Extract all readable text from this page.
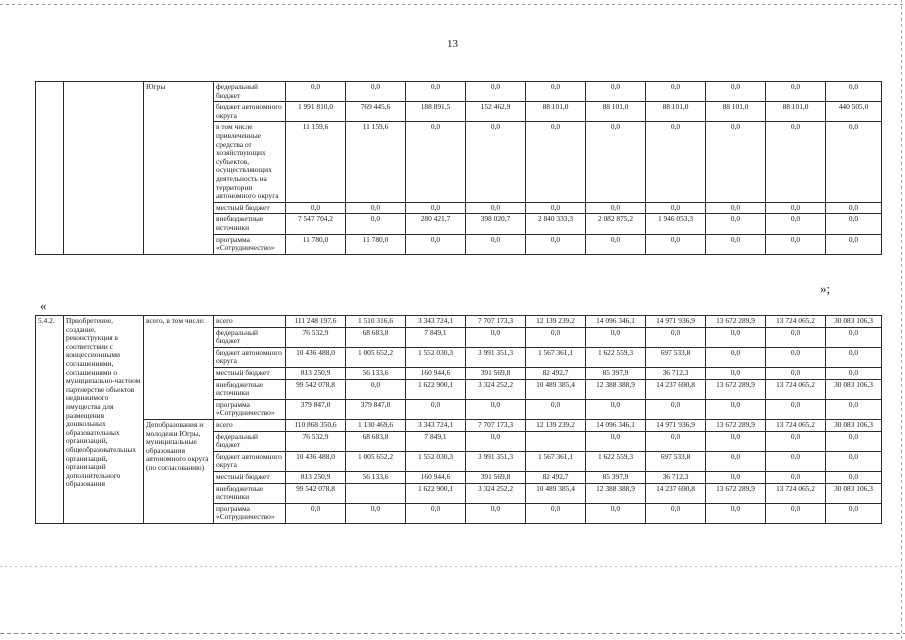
13
		Югры	федеральный бюджет	0,0	0,0	0,0	0,0	0,0	0,0	0,0	0,0	0,0	0,0
			бюджет автономного округа	1 991 810,0	769 445,6	188 891,5	152 462,9	88 101,0	88 101,0	88 101,0	88 101,0	88 101,0	440 505,0
			в том числе привлеченные средства от хозяйствующих субъектов, осуществляющих деятельность на территории автономного округа	11 159,6	11 159,6	0,0	0,0	0,0	0,0	0,0	0,0	0,0	0,0
			местный бюджет	0,0	0,0	0,0	0,0	0,0	0,0	0,0	0,0	0,0	0,0
			внебюджетные источники	7 547 704,2	0,0	280 421,7	398 020,7	2 840 333,3	2 082 875,2	1 946 053,3	0,0	0,0	0,0
			программа «Сотрудничество»	11 780,0	11 780,0	0,0	0,0	0,0	0,0	0,0	0,0	0,0	0,0
»;
«
5.4.2.	Приобретение, создание, реконструкция в соответствии с концессионными соглашениями, соглашениями о муниципально-частном партнерстве объектов недвижимого имущества для размещения дошкольных образовательных организаций, общеобразовательных организаций, организаций дополнительного образования	всего, в том числе:	всего	111 248 197,6	1 510 316,6	3 343 724,1	7 707 173,3	12 139 239,2	14 096 346,1	14 971 936,9	13 672 289,9	13 724 065,2	30 083 106,3
			федеральный бюджет	76 532,9	68 683,8	7 849,1	0,0	0,0	0,0	0,0	0,0	0,0	0,0
			бюджет автономного округа	10 436 488,0	1 005 652,2	1 552 030,3	3 991 351,3	1 567 361,1	1 622 559,3	697 533,8	0,0	0,0	0,0
			местный бюджет	813 250,9	56 133,6	160 944,6	391 569,8	82 492,7	85 397,9	36 712,3	0,0	0,0	0,0
			внебюджетные источники	99 542 078,8	0,0	1 622 900,1	3 324 252,2	10 489 385,4	12 388 388,9	14 237 690,8	13 672 289,9	13 724 065,2	30 083 106,3
			программа «Сотрудничество»	379 847,0	379 847,0	0,0	0,0	0,0	0,0	0,0	0,0	0,0	0,0
		Депобразования и молодежи Югры, муниципальные образования автономного округа (по согласованию)	всего	110 868 350,6	1 130 469,6	3 343 724,1	7 707 173,3	12 139 239,2	14 096 346,1	14 971 936,9	13 672 289,9	13 724 065,2	30 083 106,3
			федеральный бюджет	76 532,9	68 683,8	7 849,1	0,0		0,0	0,0	0,0	0,0	0,0
			бюджет автономного округа	10 436 488,0	1 005 652,2	1 552 030,3	3 991 351,3	1 567 361,1	1 622 559,3	697 533,8	0,0	0,0	0,0
			местный бюджет	813 250,9	56 133,6	160 944,6	391 569,8	82 492,7	85 397,9	36 712,3	0,0	0,0	0,0
			внебюджетные источники	99 542 078,8		1 622 900,1	3 324 252,2	10 489 385,4	12 388 388,9	14 237 690,8	13 672 289,9	13 724 065,2	30 083 106,3
			программа «Сотрудничество»	0,0	0,0	0,0	0,0	0,0	0,0	0,0	0,0	0,0	0,0
